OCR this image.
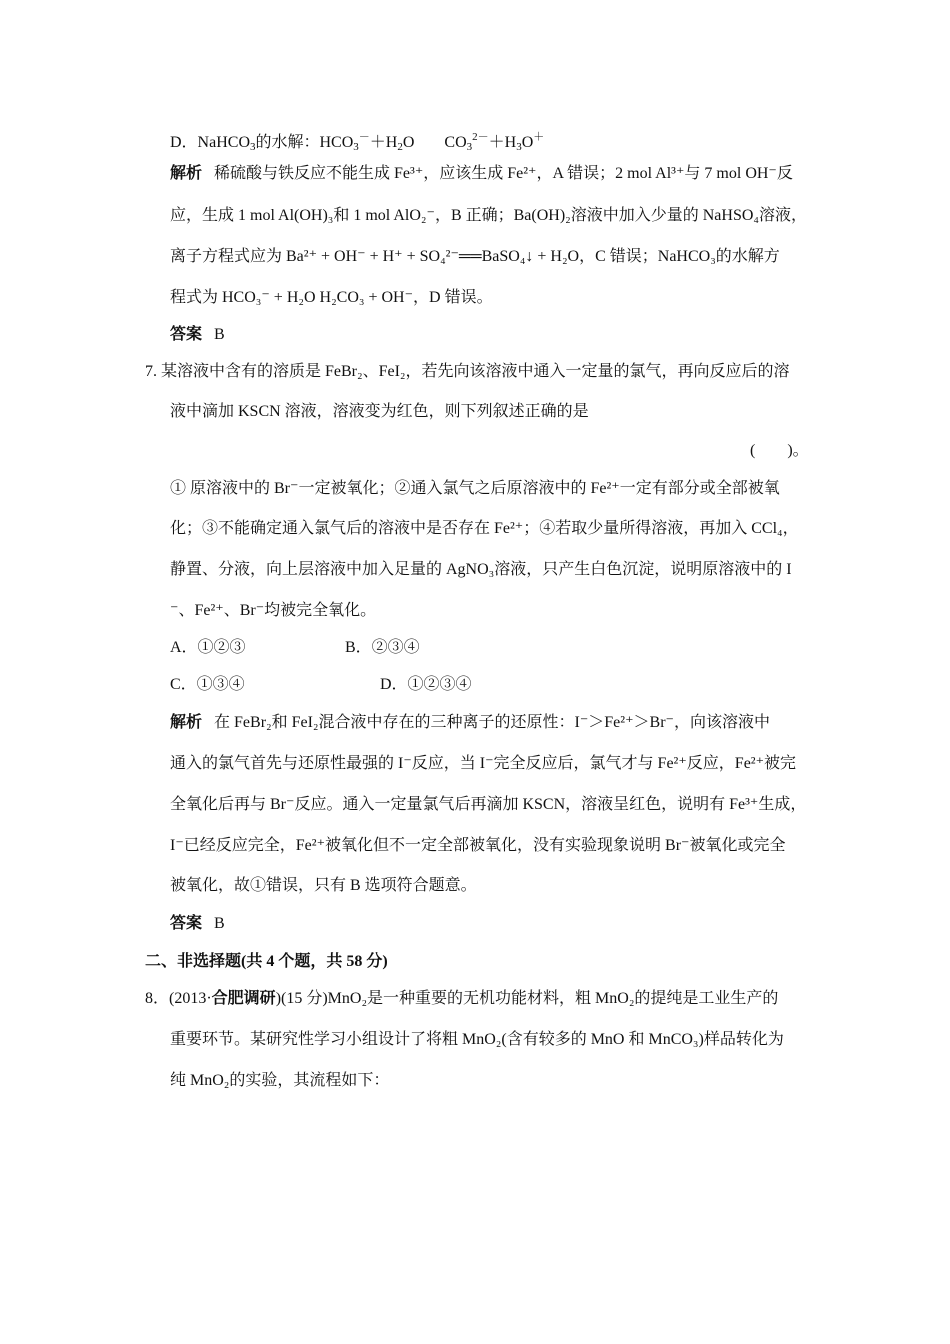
D．NaHCO3的水解：HCO3－＋H2O $CO3^{2-}+H3O^+$
解析 稀硫酸与铁反应不能生成 Fe³⁺，应该生成 Fe²⁺，A 错误；2 mol Al³⁺与 7 mol OH⁻反
应，生成 1 mol Al(OH)₃和 1 mol AlO₂⁻，B 正确；Ba(OH)₂溶液中加入少量的 NaHSO₄溶液，
离子方程式应为 Ba²⁺ + OH⁻ + H⁺ + SO₄²⁻══BaSO₄↓ + H₂O，C 错误；NaHCO₃的水解方
程式为 HCO₃⁻ + H₂O H₂CO₃ + OH⁻，D 错误。
答案 B
7. 某溶液中含有的溶质是 FeBr₂、FeI₂，若先向该溶液中通入一定量的氯气，再向反应后的溶
液中滴加 KSCN 溶液，溶液变为红色，则下列叙述正确的是
(　　)。
① 原溶液中的 Br⁻一定被氧化；②通入氯气之后原溶液中的 Fe²⁺一定有部分或全部被氧
化；③不能确定通入氯气后的溶液中是否存在 Fe²⁺；④若取少量所得溶液，再加入 CCl₄，
静置、分液，向上层溶液中加入足量的 AgNO₃溶液，只产生白色沉淀，说明原溶液中的 I
⁻、Fe²⁺、Br⁻均被完全氧化。
A．①②③	B．②③④
C．①③④	D．①②③④
解析 在 FeBr₂和 FeI₂混合液中存在的三种离子的还原性：I⁻＞Fe²⁺＞Br⁻，向该溶液中
通入的氯气首先与还原性最强的 I⁻反应，当 I⁻完全反应后，氯气才与 Fe²⁺反应，Fe²⁺被完
全氧化后再与 Br⁻反应。通入一定量氯气后再滴加 KSCN，溶液呈红色，说明有 Fe³⁺生成，
I⁻已经反应完全，Fe²⁺被氧化但不一定全部被氧化，没有实验现象说明 Br⁻被氧化或完全
被氧化，故①错误，只有 B 选项符合题意。
答案 B
二、非选择题(共 4 个题，共 58 分)
8．(2013·合肥调研)(15 分)MnO₂是一种重要的无机功能材料，粗 MnO₂的提纯是工业生产的
重要环节。某研究性学习小组设计了将粗 MnO₂(含有较多的 MnO 和 MnCO₃)样品转化为
纯 MnO₂的实验，其流程如下：
